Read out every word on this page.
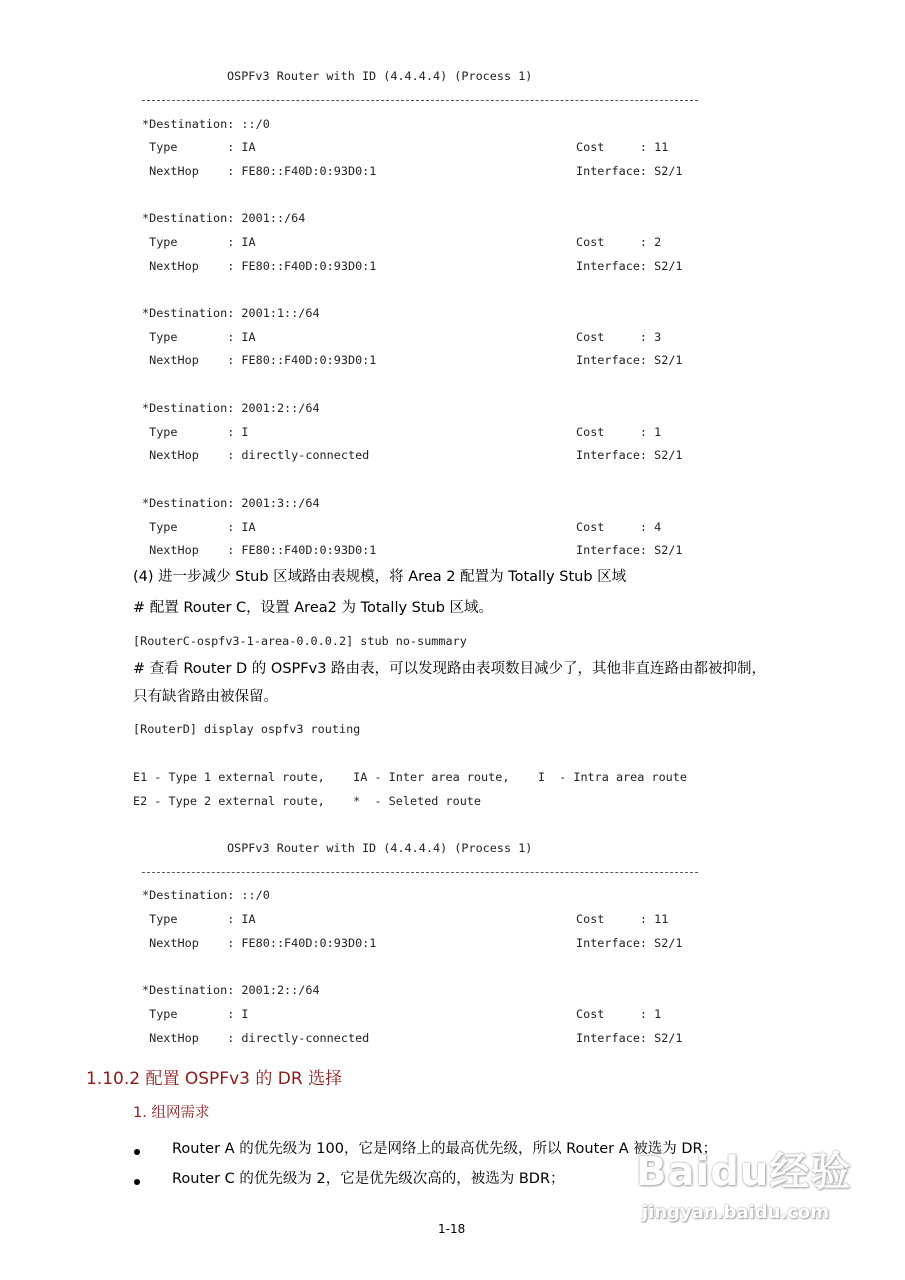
OSPFv3 Router with ID (4.4.4.4) (Process 1)
*Destination: ::/0
Type       : IA	Cost     : 11
NextHop    : FE80::F40D:0:93D0:1	Interface: S2/1
*Destination: 2001::/64
Type       : IA	Cost     : 2
NextHop    : FE80::F40D:0:93D0:1	Interface: S2/1
*Destination: 2001:1::/64
Type       : IA	Cost     : 3
NextHop    : FE80::F40D:0:93D0:1	Interface: S2/1
*Destination: 2001:2::/64
Type       : I	Cost     : 1
NextHop    : directly-connected	Interface: S2/1
*Destination: 2001:3::/64
Type       : IA	Cost     : 4
NextHop    : FE80::F40D:0:93D0:1	Interface: S2/1
(4) 进一步减少 Stub 区域路由表规模，将 Area 2 配置为 Totally Stub 区域
# 配置 Router C，设置 Area2 为 Totally Stub 区域。
[RouterC-ospfv3-1-area-0.0.0.2] stub no-summary
# 查看 Router D 的 OSPFv3 路由表，可以发现路由表项数目减少了，其他非直连路由都被抑制，
只有缺省路由被保留。
[RouterD] display ospfv3 routing
E1 - Type 1 external route,    IA - Inter area route,    I  - Intra area route
E2 - Type 2 external route,    *  - Seleted route
OSPFv3 Router with ID (4.4.4.4) (Process 1)
*Destination: ::/0
Type       : IA	Cost     : 11
NextHop    : FE80::F40D:0:93D0:1	Interface: S2/1
*Destination: 2001:2::/64
Type       : I	Cost     : 1
NextHop    : directly-connected	Interface: S2/1
1.10.2 配置 OSPFv3 的 DR 选择
1. 组网需求
Router A 的优先级为 100，它是网络上的最高优先级，所以 Router A 被选为 DR；
Router C 的优先级为 2，它是优先级次高的，被选为 BDR；
1-18
Baidu经验
jingyan.baidu.com
